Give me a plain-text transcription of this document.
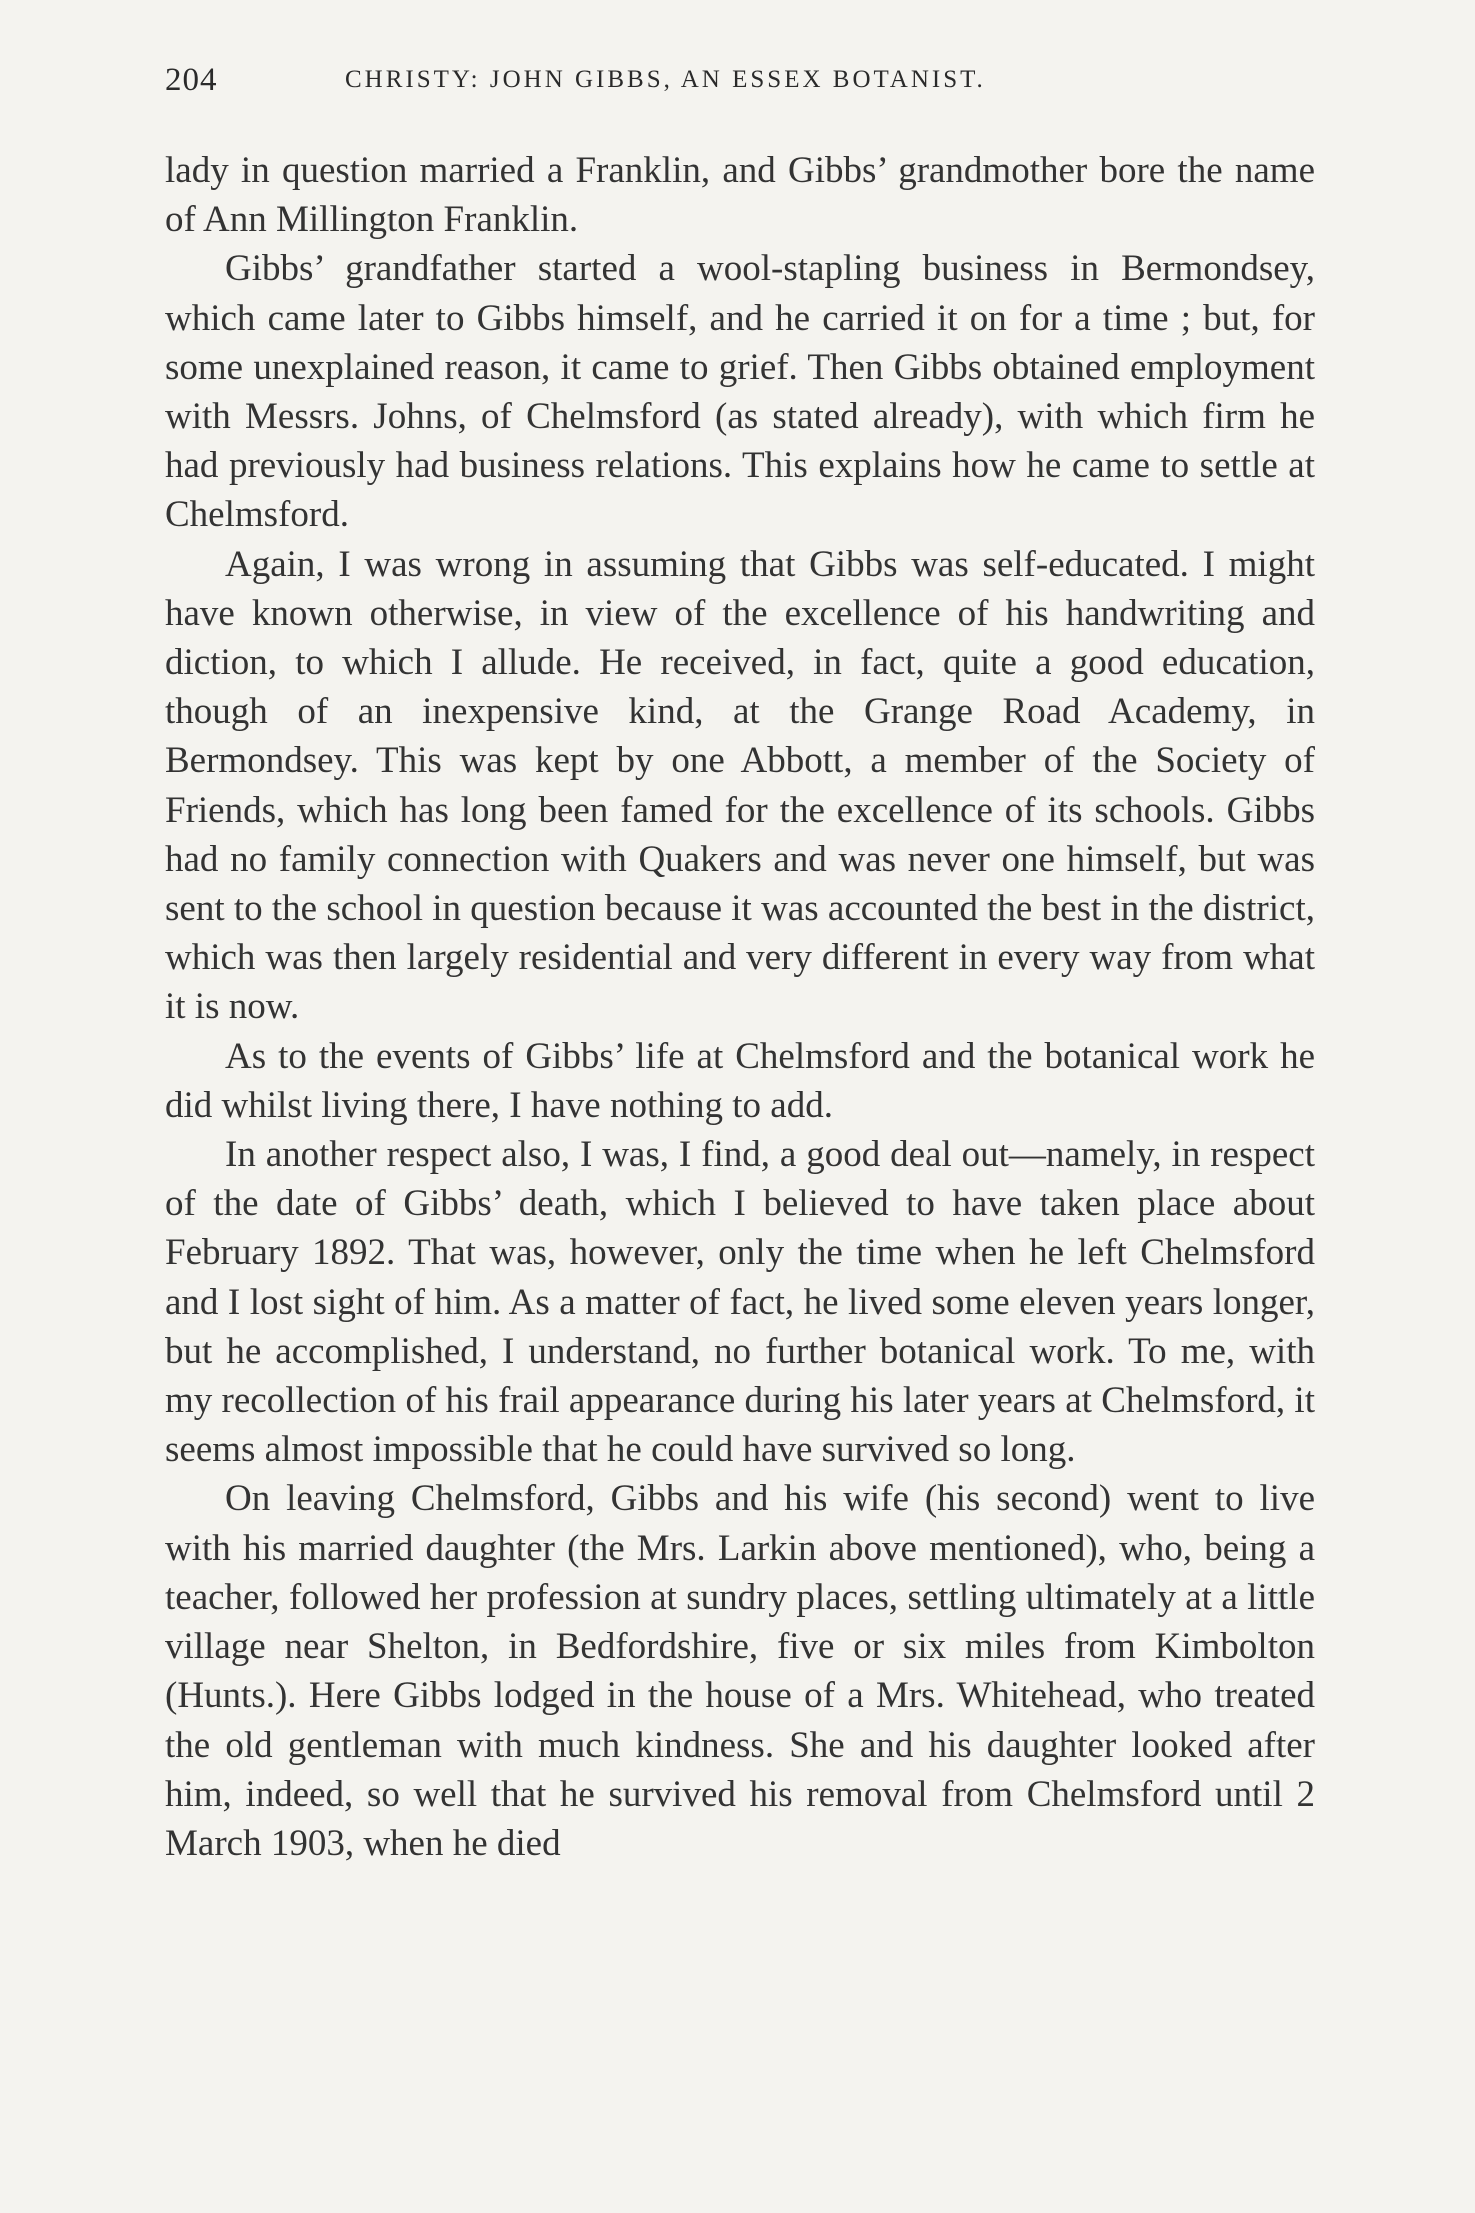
204	CHRISTY: JOHN GIBBS, AN ESSEX BOTANIST.

lady in question married a Franklin, and Gibbs’ grandmother bore the name of Ann Millington Franklin.

Gibbs’ grandfather started a wool-stapling business in Bermondsey, which came later to Gibbs himself, and he carried it on for a time ; but, for some unexplained reason, it came to grief. Then Gibbs obtained employment with Messrs. Johns, of Chelmsford (as stated already), with which firm he had previously had business relations. This explains how he came to settle at Chelmsford.

Again, I was wrong in assuming that Gibbs was self-educated. I might have known otherwise, in view of the excellence of his handwriting and diction, to which I allude. He received, in fact, quite a good education, though of an inexpensive kind, at the Grange Road Academy, in Bermondsey. This was kept by one Abbott, a member of the Society of Friends, which has long been famed for the excellence of its schools. Gibbs had no family connection with Quakers and was never one himself, but was sent to the school in question because it was accounted the best in the district, which was then largely residential and very different in every way from what it is now.

As to the events of Gibbs’ life at Chelmsford and the botanical work he did whilst living there, I have nothing to add.

In another respect also, I was, I find, a good deal out—namely, in respect of the date of Gibbs’ death, which I believed to have taken place about February 1892. That was, however, only the time when he left Chelmsford and I lost sight of him. As a matter of fact, he lived some eleven years longer, but he accomplished, I understand, no further botanical work. To me, with my recollection of his frail appearance during his later years at Chelmsford, it seems almost impossible that he could have survived so long.

On leaving Chelmsford, Gibbs and his wife (his second) went to live with his married daughter (the Mrs. Larkin above mentioned), who, being a teacher, followed her profession at sundry places, settling ultimately at a little village near Shelton, in Bedfordshire, five or six miles from Kimbolton (Hunts.). Here Gibbs lodged in the house of a Mrs. Whitehead, who treated the old gentleman with much kindness. She and his daughter looked after him, indeed, so well that he survived his removal from Chelmsford until 2 March 1903, when he died
